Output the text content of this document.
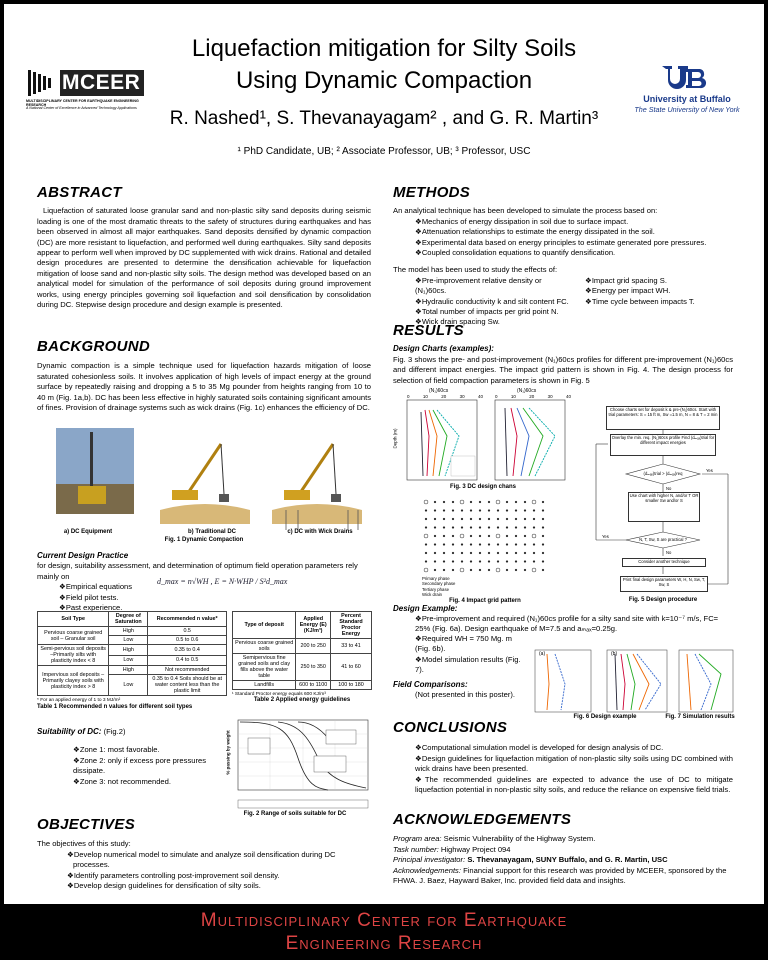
Liquefaction mitigation for Silty Soils
Using Dynamic Compaction
R. Nashed¹, S. Thevanayagam² , and G. R. Martin³
¹ PhD Candidate, UB; ² Associate Professor, UB; ³ Professor, USC
MCEER
MULTIDISCIPLINARY CENTER FOR EARTHQUAKE ENGINEERING RESEARCH
A National Center of Excellence in Advanced Technology Applications
University at Buffalo
The State University of New York
ABSTRACT
Liquefaction of saturated loose granular sand and non-plastic silty sand deposits during seismic loading is one of the most dramatic threats to the safety of structures during earthquakes and has been observed in almost all major earthquakes. Sand deposits densified by dynamic compaction (DC) are more resistant to liquefaction, and performed well during earthquakes. Silty sand deposits appear to perform well when improved by DC supplemented with wick drains. Rational and detailed design procedures are presented to determine the densification achievable for liquefaction mitigation of loose sand and non-plastic silty soils. The design method was developed based on an analytical model for simulation of the performance of soil deposits during ground improvement works, using energy principles governing soil liquefaction and soil densification by consolidation during DC. Stepwise design procedure and design example is presented.
BACKGROUND
Dynamic compaction is a simple technique used for liquefaction hazards mitigation of loose saturated cohesionless soils. It involves application of high levels of impact energy at the ground surface by repeatedly raising and dropping a 5 to 35 Mg pounder from heights ranging from 10 to 40 m (Fig. 1a,b). DC has been less effective in highly saturated soils containing significant amounts of fines. Provision of drainage systems such as wick drains (Fig. 1c) enhances the efficiency of DC.
a) DC Equipment	b) Traditional DC	c) DC with Wick Drains
Fig. 1 Dynamic Compaction
Current Design Practice
for design, suitability assessment, and determination of optimum field operation parameters rely mainly on
❖ Empirical equations
❖ Field pilot tests.
❖ Past experience.
d_max = n√WH , E = N·WHP / S²d_max
Soil Type	Degree of Saturation	Recommended n value*
Pervious coarse grained soil – Granular soil	High	0.5
	Low	0.5 to 0.6
Semi-pervious soil deposits –Primarily silts with plasticity index < 8	High	0.35 to 0.4
	Low	0.4 to 0.5
Impervious soil deposits –Primarily clayey soils with plasticity index > 8	High	Not recommended
	Low	0.35 to 0.4 Soils should be at water content less than the plastic limit
* For an applied energy of 1 to 3 MJ/m²
Table 1 Recommended n values for different soil types
Type of deposit	Applied Energy (E) (KJ/m³)	Percent Standard Proctor Energy
Pervious coarse grained soils	200 to 250	33 to 41
Semipervious fine grained soils and clay fills above the water table	250 to 350	41 to 60
Landfills	600 to 1100	100 to 180
¹ Standard Proctor energy equals 600 KJ/m³
Table 2 Applied energy guidelines
Suitability of DC: (Fig.2)
❖ Zone 1: most favorable.
❖ Zone 2: only if excess pore pressures dissipate.
❖ Zone 3: not recommended.
% passing by weight
Fig. 2 Range of soils suitable for DC
OBJECTIVES
The objectives of this study:
❖ Develop numerical model to simulate and analyze soil densification during DC processes.
❖ Identify parameters controlling post-improvement soil density.
❖ Develop design guidelines for densification of silty soils.
METHODS
An analytical technique has been developed to simulate the process based on:
❖ Mechanics of energy dissipation in soil due to surface impact.
❖ Attenuation relationships to estimate the energy dissipated in the soil.
❖ Experimental data based on energy principles to estimate generated pore pressures.
❖ Coupled consolidation equations to quantify densification.
The model has been used to study the effects of:
❖ Pre-improvement relative density or (N₁)60cs.
❖ Hydraulic conductivity k and silt content FC.
❖ Total number of impacts per grid point N.
❖ Wick drain spacing Sw.
❖ Impact grid spacing S.
❖ Energy per impact WH.
❖ Time cycle between impacts T.
RESULTS
Design Charts (examples):
Fig. 3 shows the pre- and post-improvement (N₁)60cs profiles for different pre-improvement (N₁)60cs and different impact energies. The impact grid pattern is shown in Fig. 4. The design process for selection of field compaction parameters is shown in Fig. 5
(N₁)60cs	(N₁)60cs
0	10	20	30	40	0	10	20	30	40
Depth (m)
Fig. 3 DC design chans
Primary phase
Secondary phase
Tertiary phase
Wick drain
Fig. 4 Impact grid pattern
Choose charts set for deposit k & pre-(N₁)60cs. Start with trial parameters: S = 15 ft m, Sw =1.5 m, N = 8 & T = 2 min
Overlay the min. req. (N₁)60cs profile Find (dₘₐₓ)trial for different impact energies
(dₘₐₓ)trial > (dₘₐₓ)req
Yes
No
Use chart with higher N, and/or T OR smaller Sw and/or S
N, T, Sw, S are practical ?
Yes
No
Consider another technique
Print final design parameters W, H, N, Sw, T, Sw, S
Fig. 5 Design procedure
Design Example:
❖ Pre-improvement and required (N₁)60cs profile for a silty sand site with k=10⁻⁷ m/s, FC= 25% (Fig. 6a). Design earthquake of M=7.5 and aₘₐₓ=0.25g.
❖ Required WH = 750 Mg. m (Fig. 6b).
❖ Model simulation results (Fig. 7).
Field Comparisons:
(Not presented in this poster).
(a)	(b)
Fig. 6 Design example	Fig. 7 Simulation results
CONCLUSIONS
❖ Computational simulation model is developed for design analysis of DC.
❖ Design guidelines for liquefaction mitigation of non-plastic silty soils using DC combined with wick drains have been presented.
❖ The recommended guidelines are expected to advance the use of DC to mitigate liquefaction potential in non-plastic silty soils, and reduce the reliance on expensive field trials.
ACKNOWLEDGEMENTS
Program area: Seismic Vulnerability of the Highway System.
Task number: Highway Project 094
Principal investigator: S. Thevanayagam, SUNY Buffalo, and G. R. Martin, USC
Acknowledgements: Financial support for this research was provided by MCEER, sponsored by the FHWA. J. Baez, Hayward Baker, Inc. provided field data and insights.
Multidisciplinary Center for Earthquake
Engineering Research
